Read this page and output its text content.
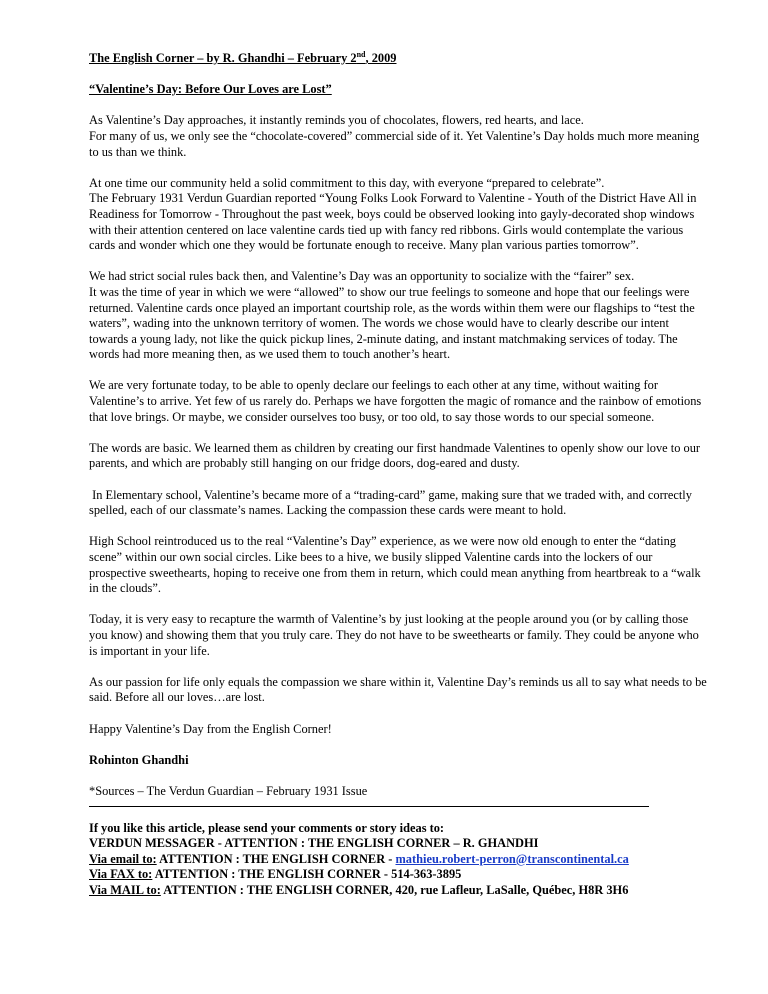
The English Corner – by R. Ghandhi – February 2nd, 2009

“Valentine’s Day: Before Our Loves are Lost”

As Valentine’s Day approaches, it instantly reminds you of chocolates, flowers, red hearts, and lace.
For many of us, we only see the “chocolate-covered” commercial side of it. Yet Valentine’s Day holds much more meaning to us than we think.

At one time our community held a solid commitment to this day, with everyone “prepared to celebrate”.
The February 1931 Verdun Guardian reported “Young Folks Look Forward to Valentine - Youth of the District Have All in Readiness for Tomorrow - Throughout the past week, boys could be observed looking into gayly-decorated shop windows with their attention centered on lace valentine cards tied up with fancy red ribbons. Girls would contemplate the various cards and wonder which one they would be fortunate enough to receive. Many plan various parties tomorrow”.

We had strict social rules back then, and Valentine’s Day was an opportunity to socialize with the “fairer” sex.
It was the time of year in which we were “allowed” to show our true feelings to someone and hope that our feelings were returned. Valentine cards once played an important courtship role, as the words within them were our flagships to “test the waters”, wading into the unknown territory of women. The words we chose would have to clearly describe our intent towards a young lady, not like the quick pickup lines, 2-minute dating, and instant matchmaking services of today. The words had more meaning then, as we used them to touch another’s heart.

We are very fortunate today, to be able to openly declare our feelings to each other at any time, without waiting for Valentine’s to arrive. Yet few of us rarely do. Perhaps we have forgotten the magic of romance and the rainbow of emotions that love brings. Or maybe, we consider ourselves too busy, or too old, to say those words to our special someone.

The words are basic. We learned them as children by creating our first handmade Valentines to openly show our love to our parents, and which are probably still hanging on our fridge doors, dog-eared and dusty.

In Elementary school, Valentine’s became more of a “trading-card” game, making sure that we traded with, and correctly spelled, each of our classmate’s names. Lacking the compassion these cards were meant to hold.

High School reintroduced us to the real “Valentine’s Day” experience, as we were now old enough to enter the “dating scene” within our own social circles. Like bees to a hive, we busily slipped Valentine cards into the lockers of our prospective sweethearts, hoping to receive one from them in return, which could mean anything from heartbreak to a “walk in the clouds”.

Today, it is very easy to recapture the warmth of Valentine’s by just looking at the people around you (or by calling those you know) and showing them that you truly care. They do not have to be sweethearts or family. They could be anyone who is important in your life.

As our passion for life only equals the compassion we share within it, Valentine Day’s reminds us all to say what needs to be said. Before all our loves…are lost.

Happy Valentine’s Day from the English Corner!

Rohinton Ghandhi

*Sources – The Verdun Guardian – February 1931 Issue

If you like this article, please send your comments or story ideas to:
VERDUN MESSAGER - ATTENTION : THE ENGLISH CORNER – R. GHANDHI
Via email to: ATTENTION : THE ENGLISH CORNER - mathieu.robert-perron@transcontinental.ca
Via FAX to: ATTENTION : THE ENGLISH CORNER - 514-363-3895
Via MAIL to: ATTENTION : THE ENGLISH CORNER, 420, rue Lafleur, LaSalle, Québec, H8R 3H6
